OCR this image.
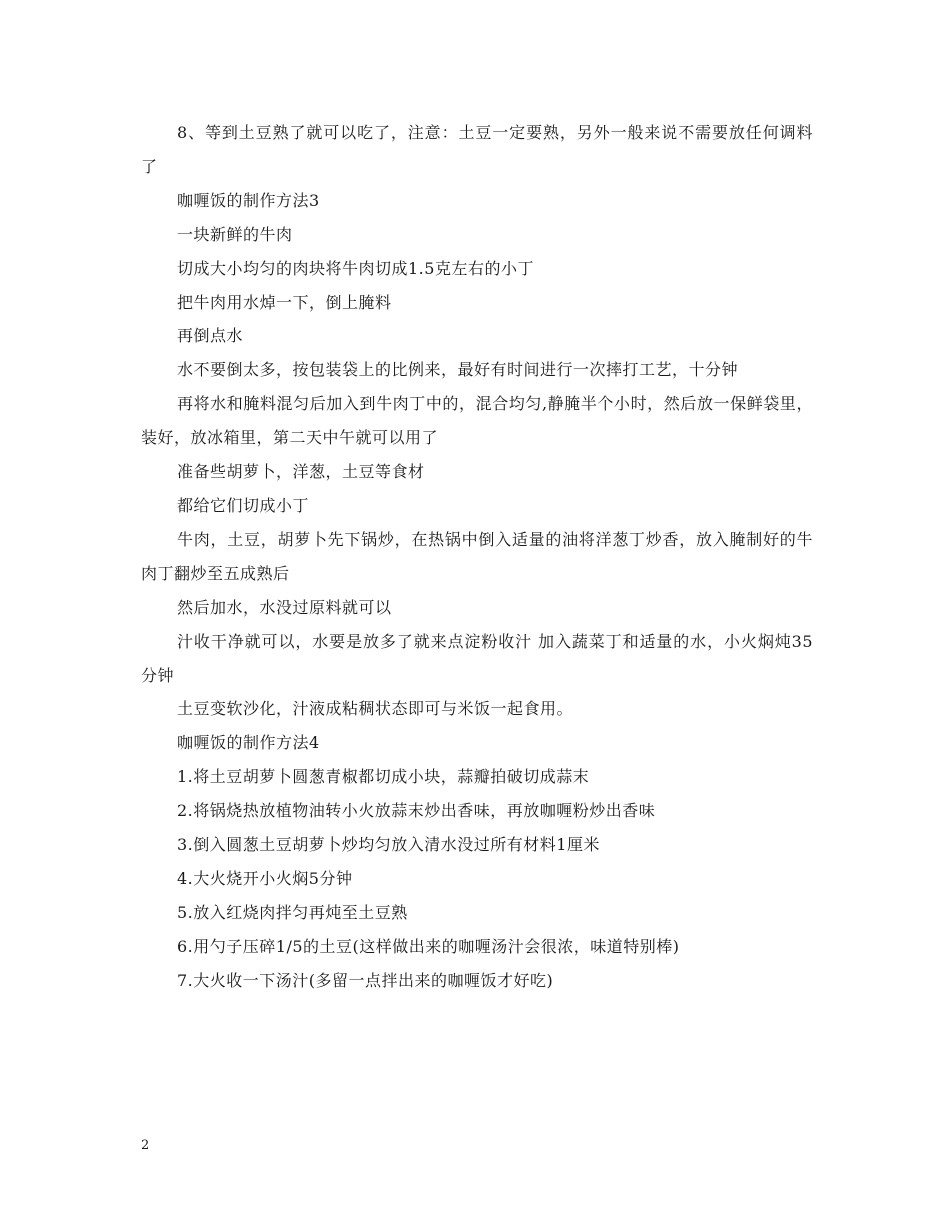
8、等到土豆熟了就可以吃了，注意：土豆一定要熟，另外一般来说不需要放任何调料了

咖喱饭的制作方法3

一块新鲜的牛肉

切成大小均匀的肉块将牛肉切成1.5克左右的小丁

把牛肉用水焯一下，倒上腌料

再倒点水

水不要倒太多，按包装袋上的比例来，最好有时间进行一次摔打工艺，十分钟

再将水和腌料混匀后加入到牛肉丁中的，混合均匀,静腌半个小时，然后放一保鲜袋里，装好，放冰箱里，第二天中午就可以用了

准备些胡萝卜，洋葱，土豆等食材

都给它们切成小丁

牛肉，土豆，胡萝卜先下锅炒，在热锅中倒入适量的油将洋葱丁炒香，放入腌制好的牛肉丁翻炒至五成熟后

然后加水，水没过原料就可以

汁收干净就可以，水要是放多了就来点淀粉收汁 加入蔬菜丁和适量的水，小火焖炖35分钟

土豆变软沙化，汁液成粘稠状态即可与米饭一起食用。

咖喱饭的制作方法4

1.将土豆胡萝卜圆葱青椒都切成小块，蒜瓣拍破切成蒜末

2.将锅烧热放植物油转小火放蒜末炒出香味，再放咖喱粉炒出香味

3.倒入圆葱土豆胡萝卜炒均匀放入清水没过所有材料1厘米

4.大火烧开小火焖5分钟

5.放入红烧肉拌匀再炖至土豆熟

6.用勺子压碎1/5的土豆(这样做出来的咖喱汤汁会很浓，味道特别棒)

7.大火收一下汤汁(多留一点拌出来的咖喱饭才好吃)

2
